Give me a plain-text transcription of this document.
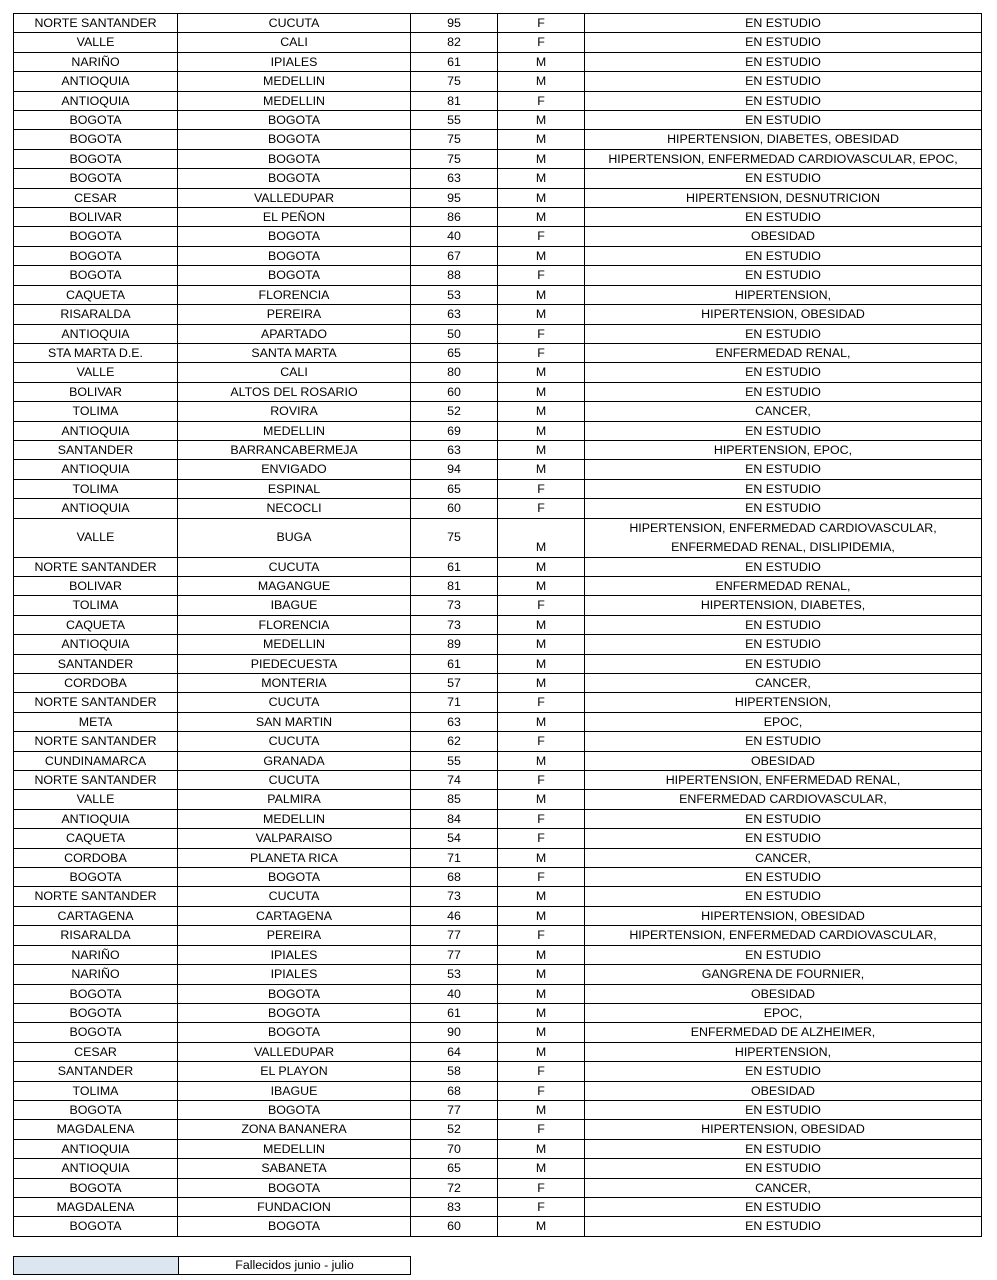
NORTE SANTANDER	CUCUTA	95	F	EN ESTUDIO
VALLE	CALI	82	F	EN ESTUDIO
NARIÑO	IPIALES	61	M	EN ESTUDIO
ANTIOQUIA	MEDELLIN	75	M	EN ESTUDIO
ANTIOQUIA	MEDELLIN	81	F	EN ESTUDIO
BOGOTA	BOGOTA	55	M	EN ESTUDIO
BOGOTA	BOGOTA	75	M	HIPERTENSION, DIABETES, OBESIDAD
BOGOTA	BOGOTA	75	M	HIPERTENSION, ENFERMEDAD CARDIOVASCULAR, EPOC,
BOGOTA	BOGOTA	63	M	EN ESTUDIO
CESAR	VALLEDUPAR	95	M	HIPERTENSION, DESNUTRICION
BOLIVAR	EL PEÑON	86	M	EN ESTUDIO
BOGOTA	BOGOTA	40	F	OBESIDAD
BOGOTA	BOGOTA	67	M	EN ESTUDIO
BOGOTA	BOGOTA	88	F	EN ESTUDIO
CAQUETA	FLORENCIA	53	M	HIPERTENSION,
RISARALDA	PEREIRA	63	M	HIPERTENSION, OBESIDAD
ANTIOQUIA	APARTADO	50	F	EN ESTUDIO
STA MARTA D.E.	SANTA MARTA	65	F	ENFERMEDAD RENAL,
VALLE	CALI	80	M	EN ESTUDIO
BOLIVAR	ALTOS DEL ROSARIO	60	M	EN ESTUDIO
TOLIMA	ROVIRA	52	M	CANCER,
ANTIOQUIA	MEDELLIN	69	M	EN ESTUDIO
SANTANDER	BARRANCABERMEJA	63	M	HIPERTENSION, EPOC,
ANTIOQUIA	ENVIGADO	94	M	EN ESTUDIO
TOLIMA	ESPINAL	65	F	EN ESTUDIO
ANTIOQUIA	NECOCLI	60	F	EN ESTUDIO
VALLE	BUGA	75	M	HIPERTENSION, ENFERMEDAD CARDIOVASCULAR, ENFERMEDAD RENAL, DISLIPIDEMIA,
NORTE SANTANDER	CUCUTA	61	M	EN ESTUDIO
BOLIVAR	MAGANGUE	81	M	ENFERMEDAD RENAL,
TOLIMA	IBAGUE	73	F	HIPERTENSION, DIABETES,
CAQUETA	FLORENCIA	73	M	EN ESTUDIO
ANTIOQUIA	MEDELLIN	89	M	EN ESTUDIO
SANTANDER	PIEDECUESTA	61	M	EN ESTUDIO
CORDOBA	MONTERIA	57	M	CANCER,
NORTE SANTANDER	CUCUTA	71	F	HIPERTENSION,
META	SAN MARTIN	63	M	EPOC,
NORTE SANTANDER	CUCUTA	62	F	EN ESTUDIO
CUNDINAMARCA	GRANADA	55	M	OBESIDAD
NORTE SANTANDER	CUCUTA	74	F	HIPERTENSION, ENFERMEDAD RENAL,
VALLE	PALMIRA	85	M	ENFERMEDAD CARDIOVASCULAR,
ANTIOQUIA	MEDELLIN	84	F	EN ESTUDIO
CAQUETA	VALPARAISO	54	F	EN ESTUDIO
CORDOBA	PLANETA RICA	71	M	CANCER,
BOGOTA	BOGOTA	68	F	EN ESTUDIO
NORTE SANTANDER	CUCUTA	73	M	EN ESTUDIO
CARTAGENA	CARTAGENA	46	M	HIPERTENSION, OBESIDAD
RISARALDA	PEREIRA	77	F	HIPERTENSION, ENFERMEDAD CARDIOVASCULAR,
NARIÑO	IPIALES	77	M	EN ESTUDIO
NARIÑO	IPIALES	53	M	GANGRENA DE FOURNIER,
BOGOTA	BOGOTA	40	M	OBESIDAD
BOGOTA	BOGOTA	61	M	EPOC,
BOGOTA	BOGOTA	90	M	ENFERMEDAD DE ALZHEIMER,
CESAR	VALLEDUPAR	64	M	HIPERTENSION,
SANTANDER	EL PLAYON	58	F	EN ESTUDIO
TOLIMA	IBAGUE	68	F	OBESIDAD
BOGOTA	BOGOTA	77	M	EN ESTUDIO
MAGDALENA	ZONA BANANERA	52	F	HIPERTENSION, OBESIDAD
ANTIOQUIA	MEDELLIN	70	M	EN ESTUDIO
ANTIOQUIA	SABANETA	65	M	EN ESTUDIO
BOGOTA	BOGOTA	72	F	CANCER,
MAGDALENA	FUNDACION	83	F	EN ESTUDIO
BOGOTA	BOGOTA	60	M	EN ESTUDIO
	Fallecidos junio - julio
